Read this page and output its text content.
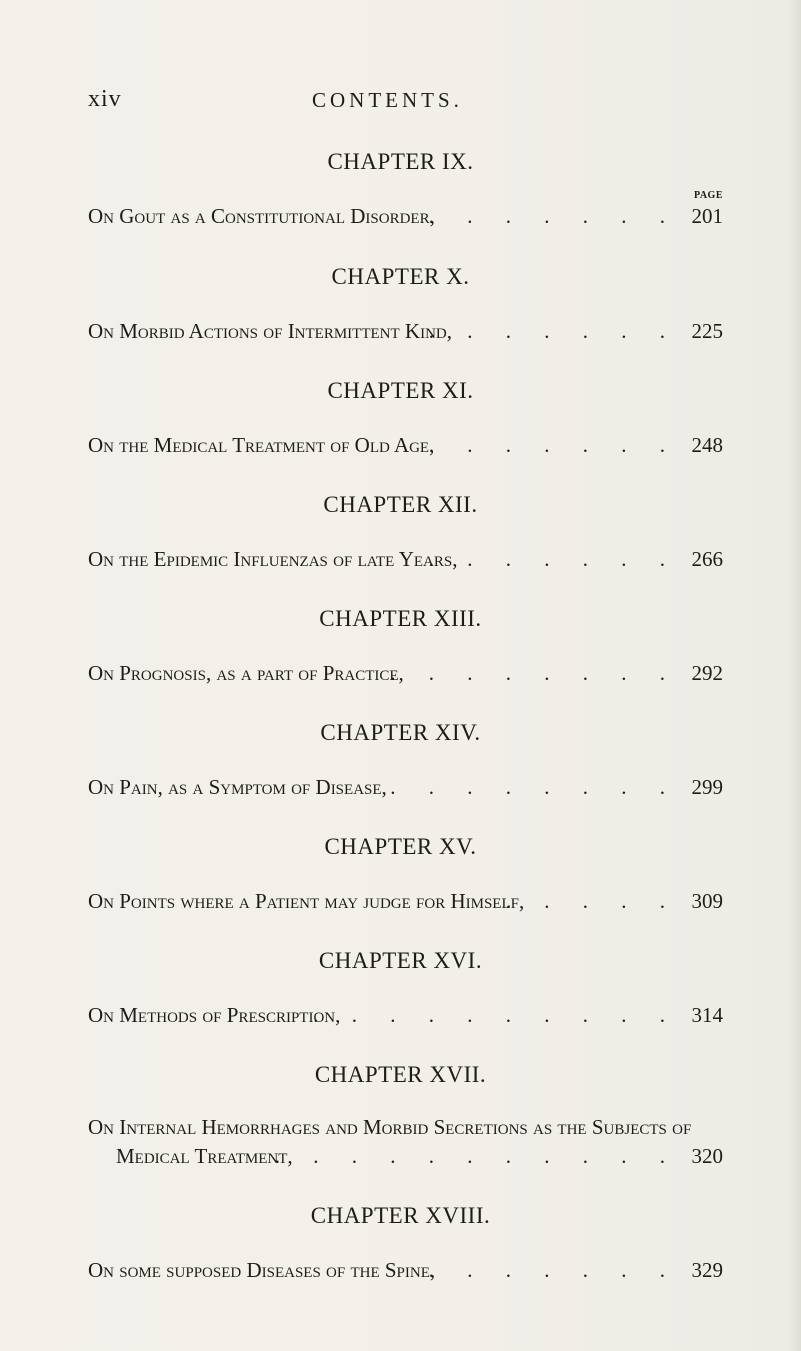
xiv	CONTENTS.
PAGE
CHAPTER IX.
On Gout as a Constitutional Disorder,
. . . . . . . 201
CHAPTER X.
On Morbid Actions of Intermittent Kind,
. . . . . . . 225
CHAPTER XI.
On the Medical Treatment of Old Age,
. . . . . . . 248
CHAPTER XII.
On the Epidemic Influenzas of late Years,
. . . . . . . 266
CHAPTER XIII.
On Prognosis, as a part of Practice,
. . . . . . . . 292
CHAPTER XIV.
On Pain, as a Symptom of Disease, . . . . . . . . 299
CHAPTER XV.
On Points where a Patient may judge for Himself,
. . . . . 309
CHAPTER XVI.
On Methods of Prescription,
. . . . . . . . . . 314
CHAPTER XVII.
On Internal Hemorrhages and Morbid Secretions as the Subjects of
Medical Treatment,
. . . . . . . . . . . 320
CHAPTER XVIII.
On some supposed Diseases of the Spine,
. . . . . . . 329
